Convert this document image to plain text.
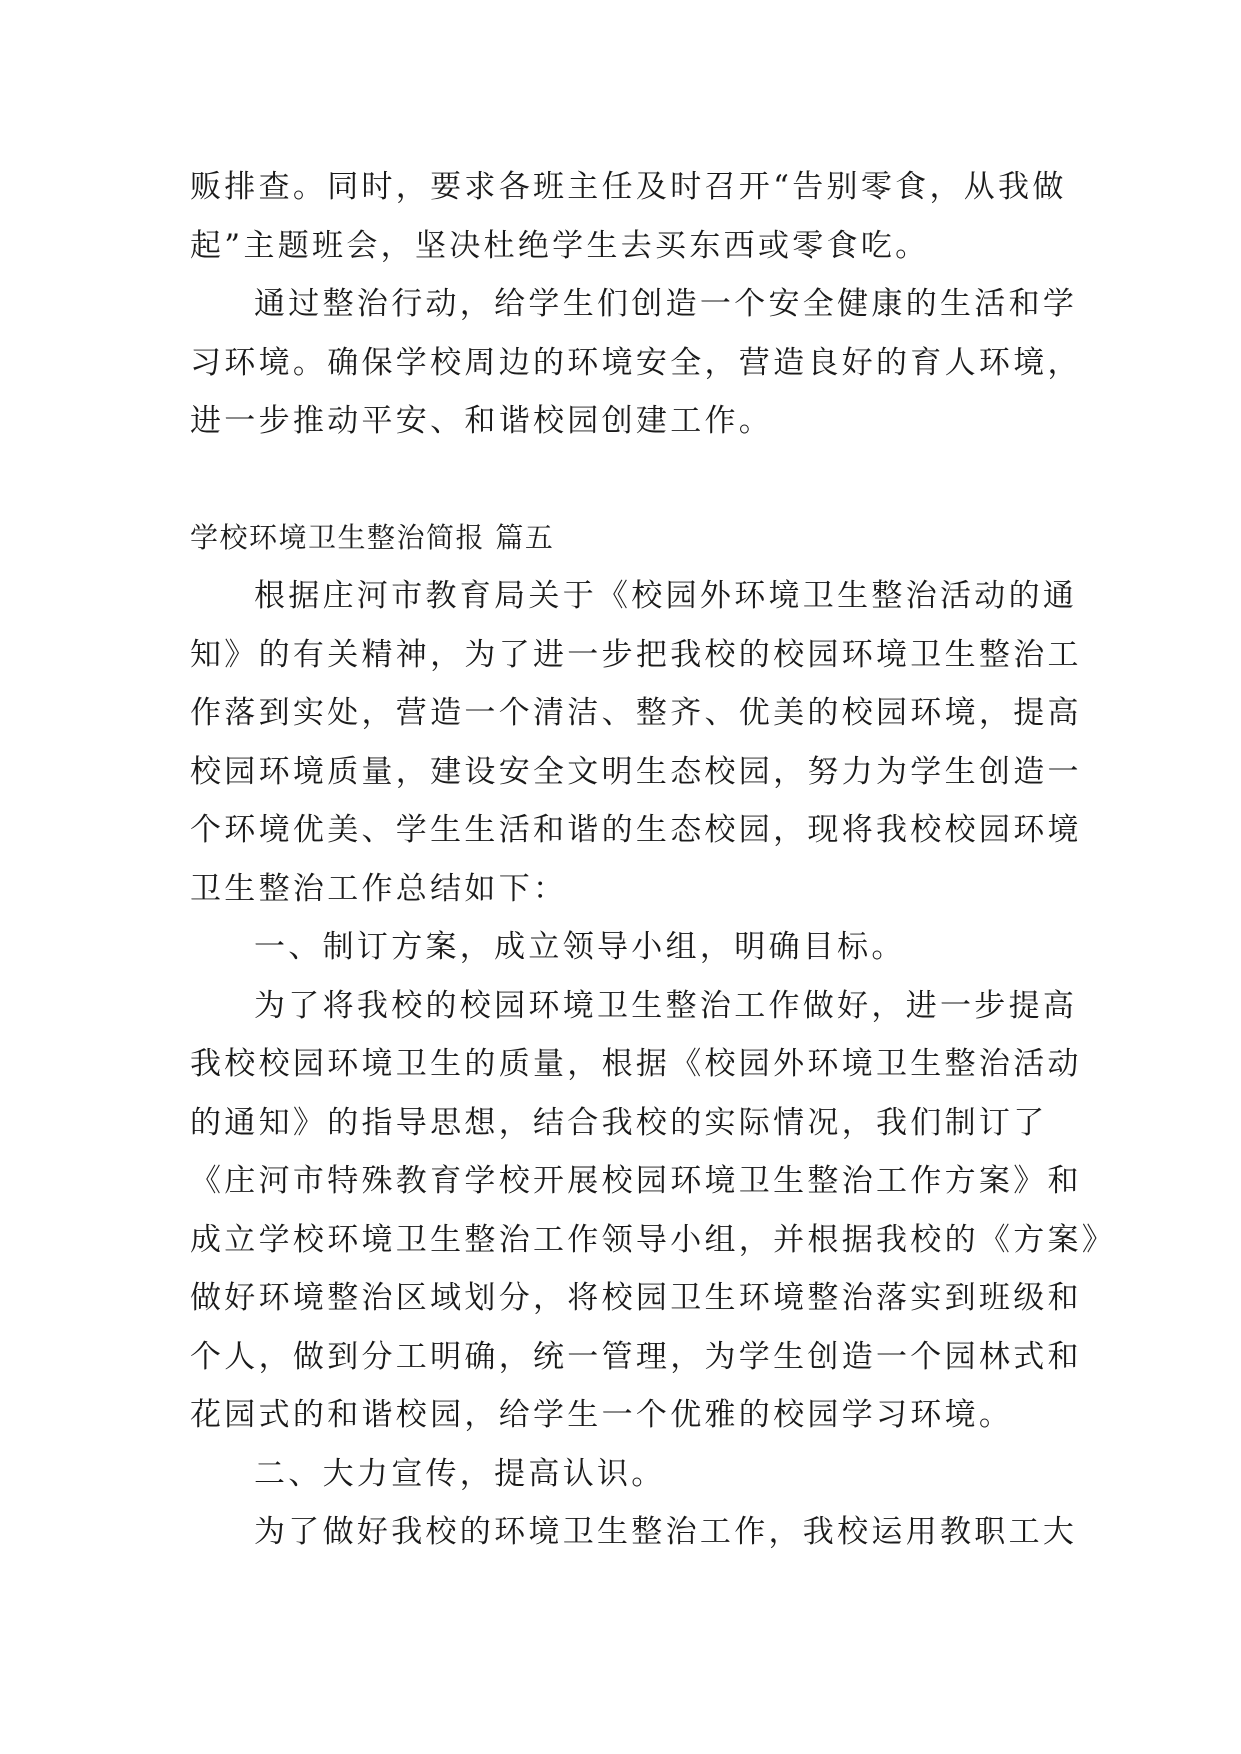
贩排查。同时，要求各班主任及时召开“告别零食，从我做
起”主题班会，坚决杜绝学生去买东西或零食吃。
通过整治行动，给学生们创造一个安全健康的生活和学
习环境。确保学校周边的环境安全，营造良好的育人环境，
进一步推动平安、和谐校园创建工作。
学校环境卫生整治简报 篇五
根据庄河市教育局关于《校园外环境卫生整治活动的通
知》的有关精神，为了进一步把我校的校园环境卫生整治工
作落到实处，营造一个清洁、整齐、优美的校园环境，提高
校园环境质量，建设安全文明生态校园，努力为学生创造一
个环境优美、学生生活和谐的生态校园，现将我校校园环境
卫生整治工作总结如下：
一、制订方案，成立领导小组，明确目标。
为了将我校的校园环境卫生整治工作做好，进一步提高
我校校园环境卫生的质量，根据《校园外环境卫生整治活动
的通知》的指导思想，结合我校的实际情况，我们制订了
《庄河市特殊教育学校开展校园环境卫生整治工作方案》和
成立学校环境卫生整治工作领导小组，并根据我校的《方案》
做好环境整治区域划分，将校园卫生环境整治落实到班级和
个人，做到分工明确，统一管理，为学生创造一个园林式和
花园式的和谐校园，给学生一个优雅的校园学习环境。
二、大力宣传，提高认识。
为了做好我校的环境卫生整治工作，我校运用教职工大
